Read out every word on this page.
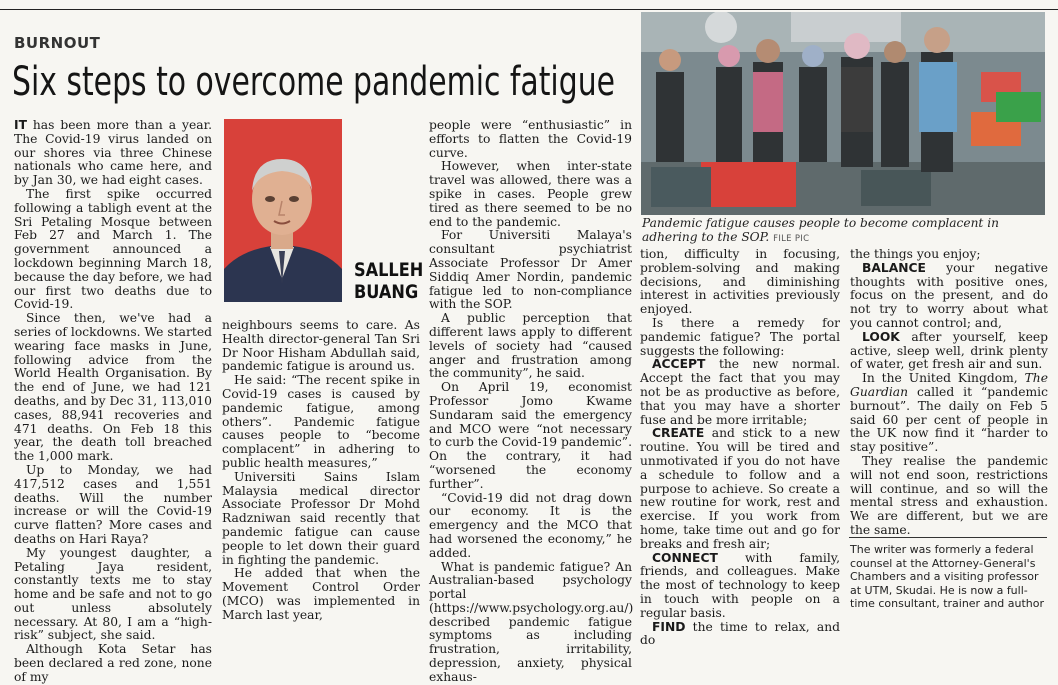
BURNOUT
Six steps to overcome pandemic fatigue

IT has been more than a year. The Covid-19 virus landed on our shores via three Chinese nationals who came here, and by Jan 30, we had eight cases.

The first spike occurred following a tabligh event at the Sri Petaling Mosque between Feb 27 and March 1. The government announced a lockdown beginning March 18, because the day before, we had our first two deaths due to Covid-19.

Since then, we've had a series of lockdowns. We started wearing face masks in June, following advice from the World Health Organisation. By the end of June, we had 121 deaths, and by Dec 31, 113,010 cases, 88,941 recoveries and 471 deaths. On Feb 18 this year, the death toll breached the 1,000 mark.

Up to Monday, we had 417,512 cases and 1,551 deaths. Will the number increase or will the Covid-19 curve flatten? More cases and deaths on Hari Raya?

My youngest daughter, a Petaling Jaya resident, constantly texts me to stay home and be safe and not to go out unless absolutely necessary. At 80, I am a “high-risk” subject, she said.

Although Kota Setar has been declared a red zone, none of my

SALLEH BUANG

neighbours seems to care. As Health director-general Tan Sri Dr Noor Hisham Abdullah said, pandemic fatigue is around us.

He said: “The recent spike in Covid-19 cases is caused by pandemic fatigue, among others”. Pandemic fatigue causes people to “become complacent” in adhering to public health measures,”

Universiti Sains Islam Malaysia medical director Associate Professor Dr Mohd Radzniwan said recently that pandemic fatigue can cause people to let down their guard in fighting the pandemic.

He added that when the Movement Control Order (MCO) was implemented in March last year,

people were “enthusiastic” in efforts to flatten the Covid-19 curve.

However, when inter-state travel was allowed, there was a spike in cases. People grew tired as there seemed to be no end to the pandemic.

For Universiti Malaya's consultant psychiatrist Associate Professor Dr Amer Siddiq Amer Nordin, pandemic fatigue led to non-compliance with the SOP.

A public perception that different laws apply to different levels of society had “caused anger and frustration among the community”, he said.

On April 19, economist Professor Jomo Kwame Sundaram said the emergency and MCO were “not necessary to curb the Covid-19 pandemic”. On the contrary, it had “worsened the economy further”.

“Covid-19 did not drag down our economy. It is the emergency and the MCO that had worsened the economy,” he added.

What is pandemic fatigue? An Australian-based psychology portal (https://www.psychology.org.au/) described pandemic fatigue symptoms as including frustration, irritability, depression, anxiety, physical exhaus-

Pandemic fatigue causes people to become complacent in adhering to the SOP. FILE PIC

tion, difficulty in focusing, problem-solving and making decisions, and diminishing interest in activities previously enjoyed.

Is there a remedy for pandemic fatigue? The portal suggests the following:

ACCEPT the new normal. Accept the fact that you may not be as productive as before, that you may have a shorter fuse and be more irritable;

CREATE and stick to a new routine. You will be tired and unmotivated if you do not have a schedule to follow and a purpose to achieve. So create a new routine for work, rest and exercise. If you work from home, take time out and go for breaks and fresh air;

CONNECT with family, friends, and colleagues. Make the most of technology to keep in touch with people on a regular basis.

FIND the time to relax, and do

the things you enjoy;

BALANCE your negative thoughts with positive ones, focus on the present, and do not try to worry about what you cannot control; and,

LOOK after yourself, keep active, sleep well, drink plenty of water, get fresh air and sun.

In the United Kingdom, The Guardian called it “pandemic burnout”. The daily on Feb 5 said 60 per cent of people in the UK now find it “harder to stay positive”.

They realise the pandemic will not end soon, restrictions will continue, and so will the mental stress and exhaustion. We are different, but we are the same.

The writer was formerly a federal counsel at the Attorney-General's Chambers and a visiting professor at UTM, Skudai. He is now a full-time consultant, trainer and author
